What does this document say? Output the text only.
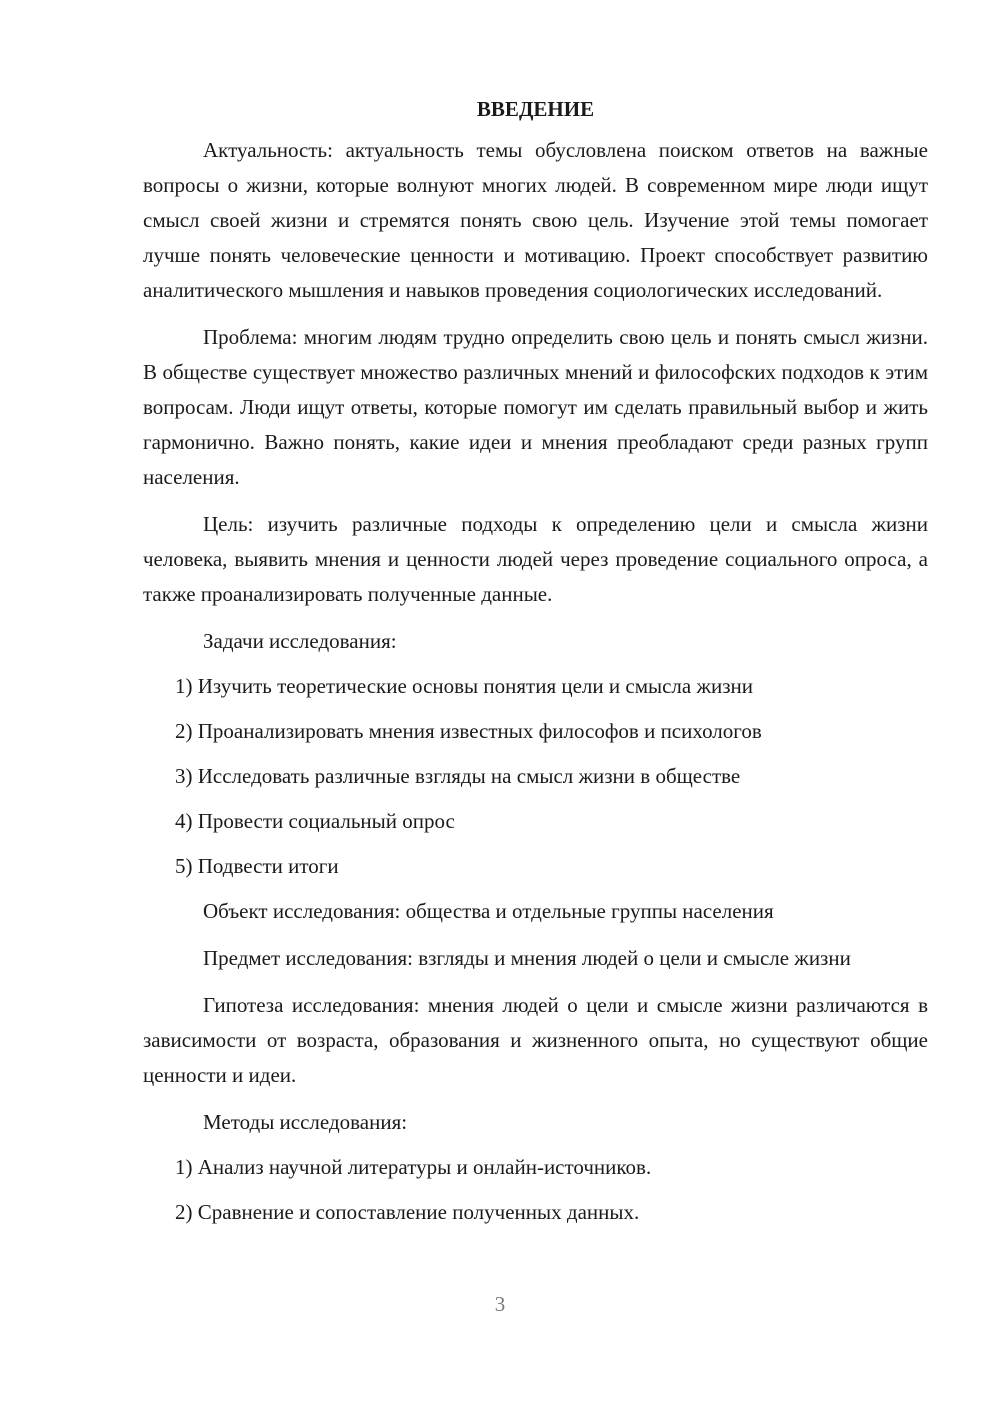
ВВЕДЕНИЕ

Актуальность: актуальность темы обусловлена поиском ответов на важные вопросы о жизни, которые волнуют многих людей. В современном мире люди ищут смысл своей жизни и стремятся понять свою цель. Изучение этой темы помогает лучше понять человеческие ценности и мотивацию. Проект способствует развитию аналитического мышления и навыков проведения социологических исследований.

Проблема: многим людям трудно определить свою цель и понять смысл жизни. В обществе существует множество различных мнений и философских подходов к этим вопросам. Люди ищут ответы, которые помогут им сделать правильный выбор и жить гармонично. Важно понять, какие идеи и мнения преобладают среди разных групп населения.

Цель: изучить различные подходы к определению цели и смысла жизни человека, выявить мнения и ценности людей через проведение социального опроса, а также проанализировать полученные данные.

Задачи исследования:
1) Изучить теоретические основы понятия цели и смысла жизни
2) Проанализировать мнения известных философов и психологов
3) Исследовать различные взгляды на смысл жизни в обществе
4) Провести социальный опрос
5) Подвести итоги

Объект исследования: общества и отдельные группы населения

Предмет исследования: взгляды и мнения людей о цели и смысле жизни

Гипотеза исследования: мнения людей о цели и смысле жизни различаются в зависимости от возраста, образования и жизненного опыта, но существуют общие ценности и идеи.

Методы исследования:
1) Анализ научной литературы и онлайн-источников.
2) Сравнение и сопоставление полученных данных.
3
